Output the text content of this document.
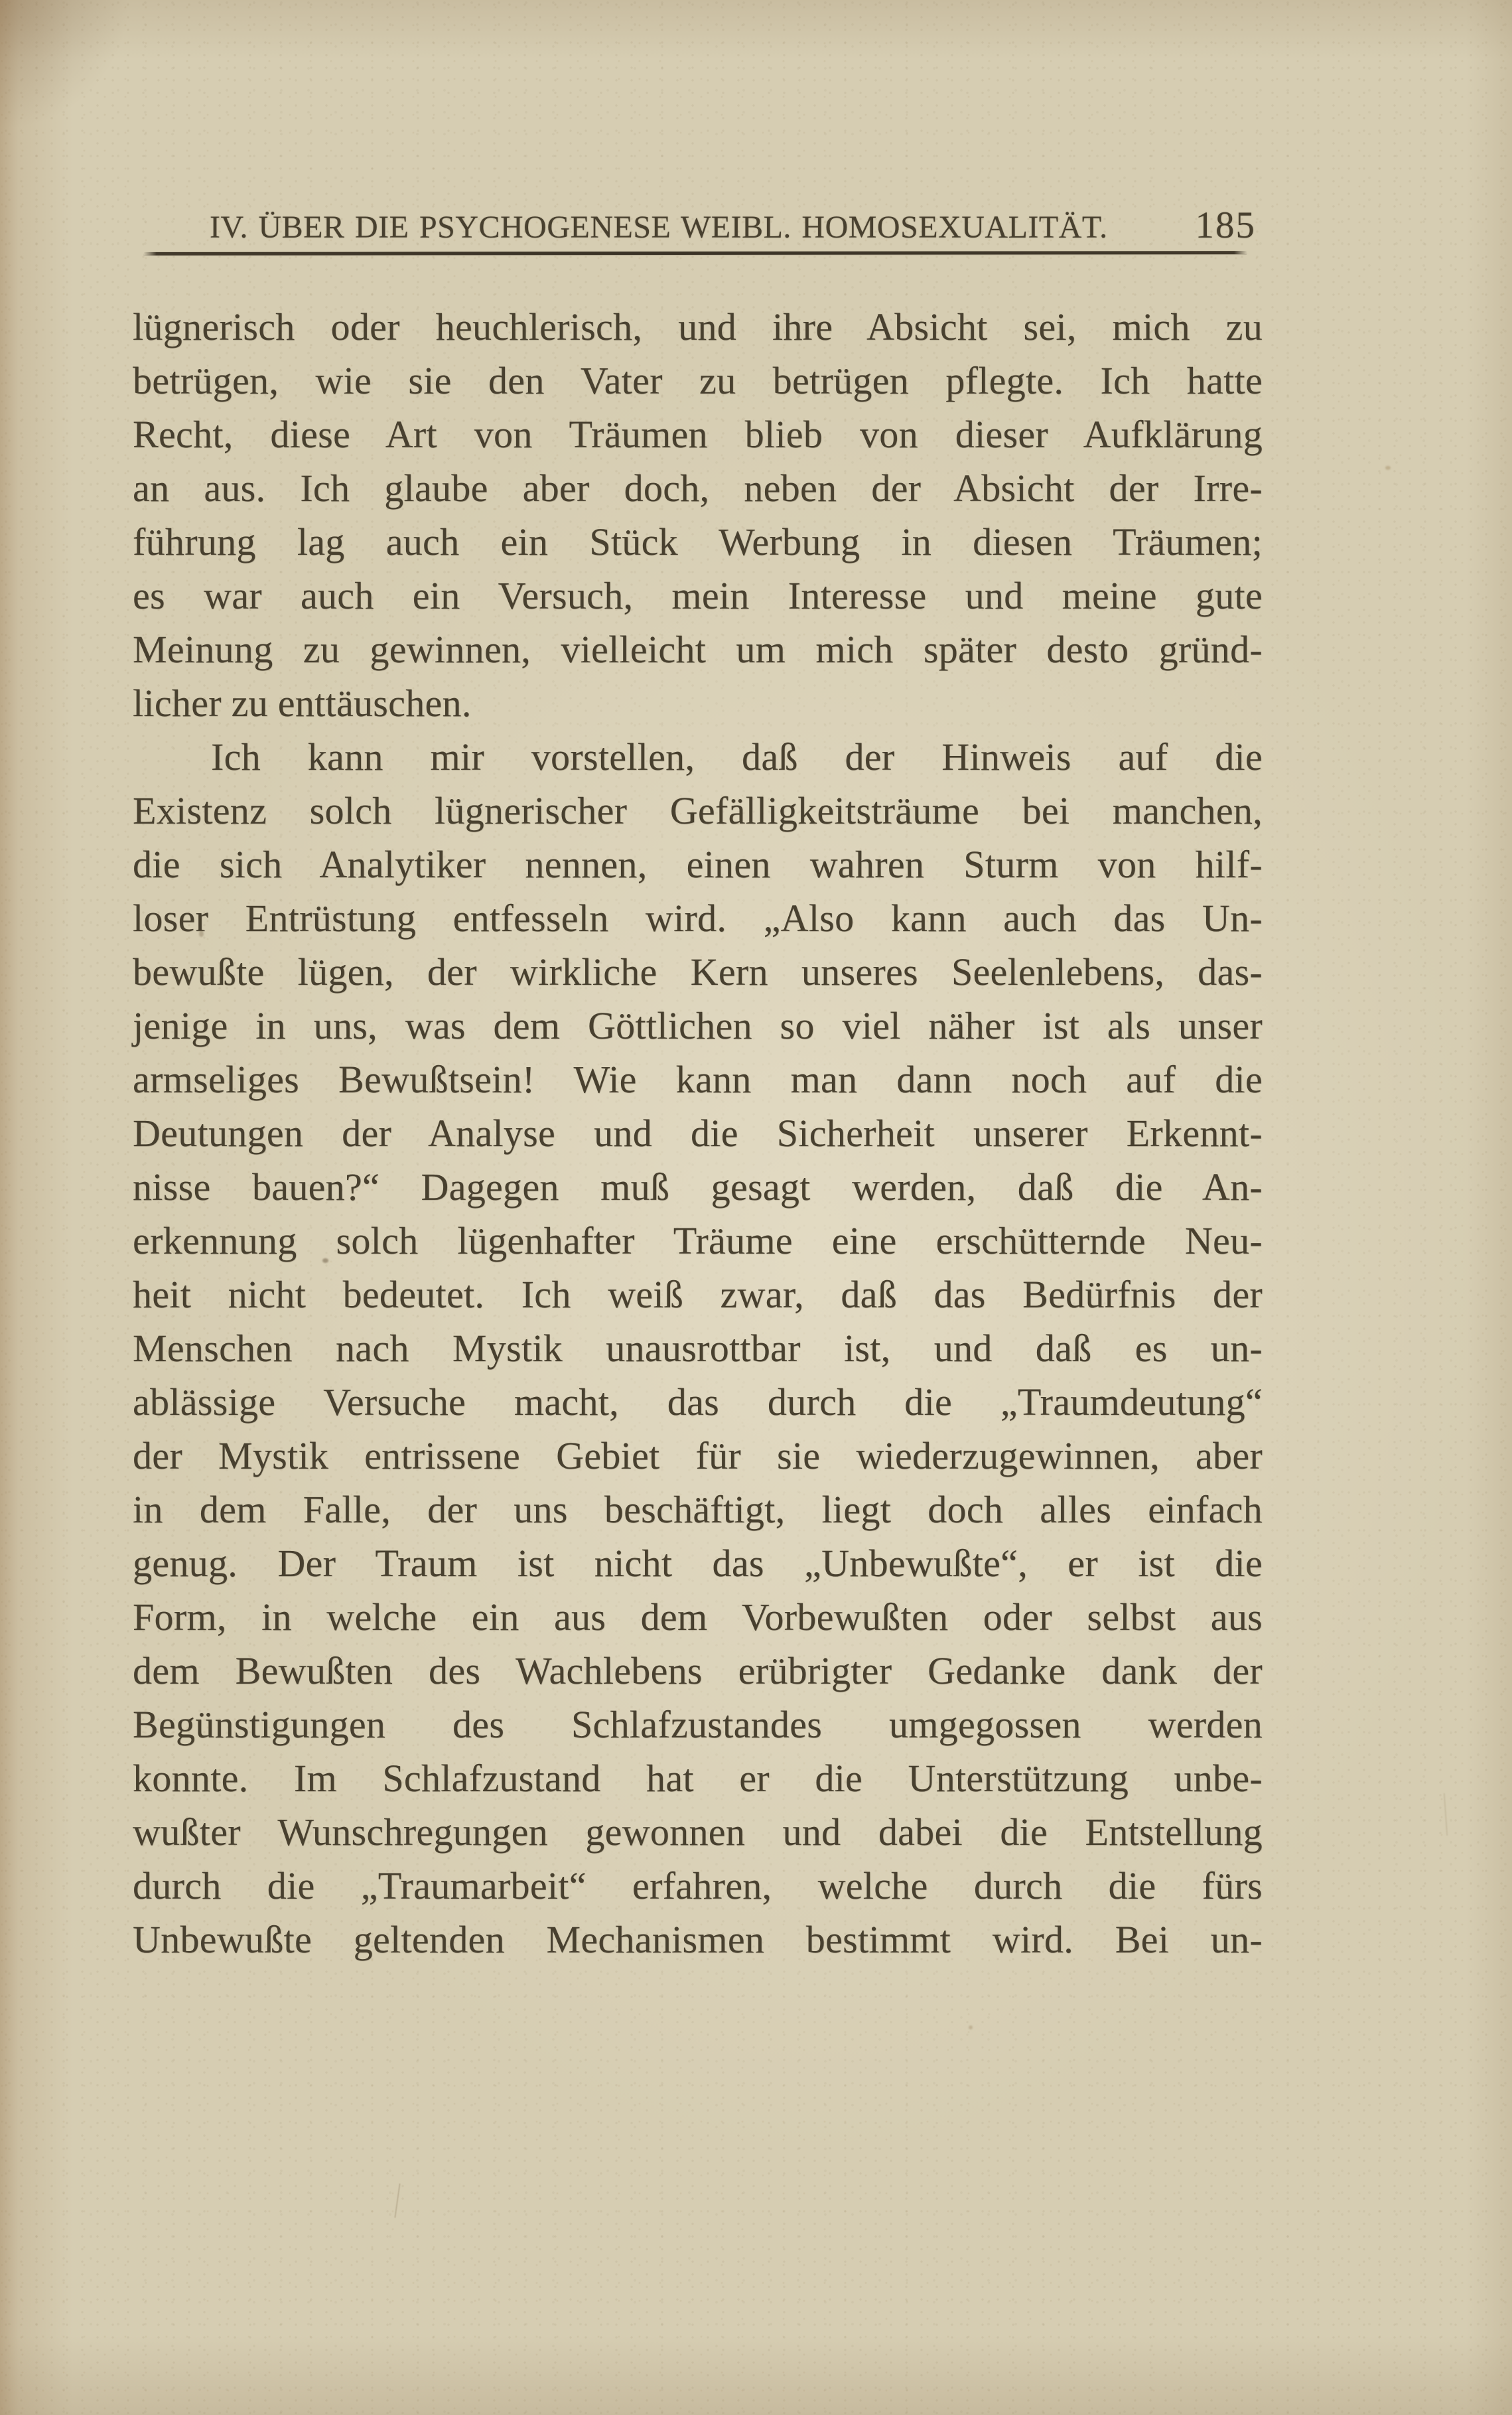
IV. ÜBER DIE PSYCHOGENESE WEIBL. HOMOSEXUALITÄT. 185
lügnerisch oder heuchlerisch, und ihre Absicht sei, mich zu
betrügen, wie sie den Vater zu betrügen pflegte. Ich hatte
Recht, diese Art von Träumen blieb von dieser Aufklärung
an aus. Ich glaube aber doch, neben der Absicht der Irre-
führung lag auch ein Stück Werbung in diesen Träumen;
es war auch ein Versuch, mein Interesse und meine gute
Meinung zu gewinnen, vielleicht um mich später desto gründ-
licher zu enttäuschen.
Ich kann mir vorstellen, daß der Hinweis auf die
Existenz solch lügnerischer Gefälligkeitsträume bei manchen,
die sich Analytiker nennen, einen wahren Sturm von hilf-
loser Entrüstung entfesseln wird. „Also kann auch das Un-
bewußte lügen, der wirkliche Kern unseres Seelenlebens, das-
jenige in uns, was dem Göttlichen so viel näher ist als unser
armseliges Bewußtsein! Wie kann man dann noch auf die
Deutungen der Analyse und die Sicherheit unserer Erkennt-
nisse bauen?“ Dagegen muß gesagt werden, daß die An-
erkennung solch lügenhafter Träume eine erschütternde Neu-
heit nicht bedeutet. Ich weiß zwar, daß das Bedürfnis der
Menschen nach Mystik unausrottbar ist, und daß es un-
ablässige Versuche macht, das durch die „Traumdeutung“
der Mystik entrissene Gebiet für sie wiederzugewinnen, aber
in dem Falle, der uns beschäftigt, liegt doch alles einfach
genug. Der Traum ist nicht das „Unbewußte“, er ist die
Form, in welche ein aus dem Vorbewußten oder selbst aus
dem Bewußten des Wachlebens erübrigter Gedanke dank der
Begünstigungen des Schlafzustandes umgegossen werden
konnte. Im Schlafzustand hat er die Unterstützung unbe-
wußter Wunschregungen gewonnen und dabei die Entstellung
durch die „Traumarbeit“ erfahren, welche durch die fürs
Unbewußte geltenden Mechanismen bestimmt wird. Bei un-
